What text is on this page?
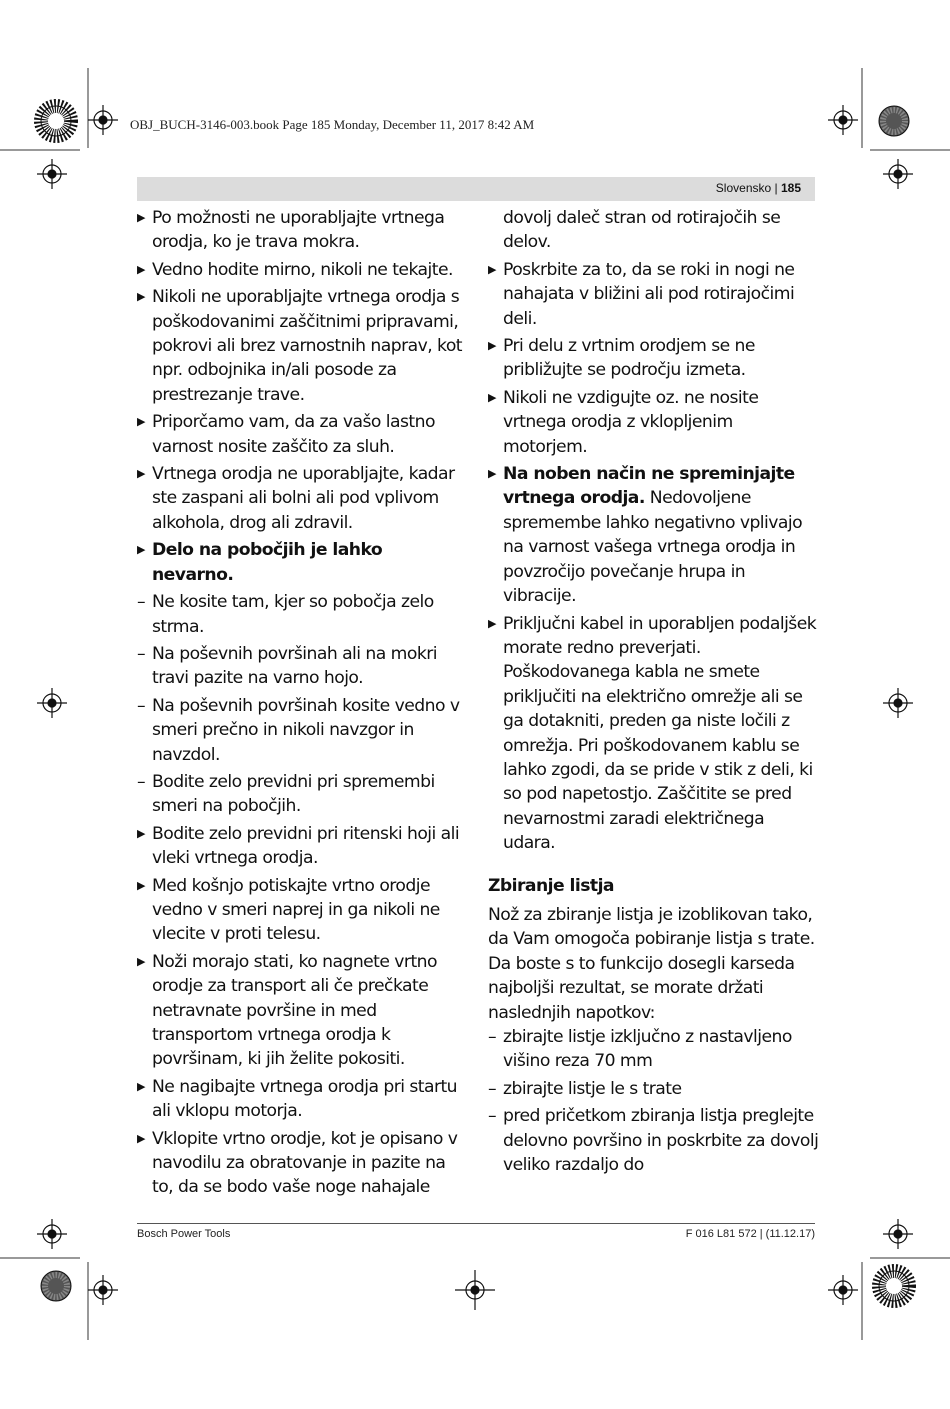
OBJ_BUCH-3146-003.book Page 185 Monday, December 11, 2017 8:42 AM
Slovensko | 185
▶ Po možnosti ne uporabljajte vrtnega orodja, ko je trava mokra.
▶ Vedno hodite mirno, nikoli ne tekajte.
▶ Nikoli ne uporabljajte vrtnega orodja s poškodovanimi zaščitnimi pripravami, pokrovi ali brez varnostnih naprav, kot npr. odbojnika in/ali posode za prestrezanje trave.
▶ Priporčamo vam, da za vašo lastno varnost nosite zaščito za sluh.
▶ Vrtnega orodja ne uporabljajte, kadar ste zaspani ali bolni ali pod vplivom alkohola, drog ali zdravil.
▶ Delo na pobočjih je lahko nevarno.
– Ne kosite tam, kjer so pobočja zelo strma.
– Na poševnih površinah ali na mokri travi pazite na varno hojo.
– Na poševnih površinah kosite vedno v smeri prečno in nikoli navzgor in navzdol.
– Bodite zelo previdni pri spremembi smeri na pobočjih.
▶ Bodite zelo previdni pri ritenski hoji ali vleki vrtnega orodja.
▶ Med košnjo potiskajte vrtno orodje vedno v smeri naprej in ga nikoli ne vlecite v proti telesu.
▶ Noži morajo stati, ko nagnete vrtno orodje za transport ali če prečkate netravnate površine in med transportom vrtnega orodja k površinam, ki jih želite pokositi.
▶ Ne nagibajte vrtnega orodja pri startu ali vklopu motorja.
▶ Vklopite vrtno orodje, kot je opisano v navodilu za obratovanje in pazite na to, da se bodo vaše noge nahajale
dovolj daleč stran od rotirajočih se delov.
▶ Poskrbite za to, da se roki in nogi ne nahajata v bližini ali pod rotirajočimi deli.
▶ Pri delu z vrtnim orodjem se ne približujte se področju izmeta.
▶ Nikoli ne vzdigujte oz. ne nosite vrtnega orodja z vklopljenim motorjem.
▶ Na noben način ne spreminjajte vrtnega orodja. Nedovoljene spremembe lahko negativno vplivajo na varnost vašega vrtnega orodja in povzročijo povečanje hrupa in vibracije.
▶ Priključni kabel in uporabljen podaljšek morate redno preverjati. Poškodovanega kabla ne smete priključiti na električno omrežje ali se ga dotakniti, preden ga niste ločili z omrežja. Pri poškodovanem kablu se lahko zgodi, da se pride v stik z deli, ki so pod napetostjo. Zaščitite se pred nevarnostmi zaradi električnega udara.
Zbiranje listja
Nož za zbiranje listja je izoblikovan tako, da Vam omogoča pobiranje listja s trate. Da boste s to funkcijo dosegli karseda najboljši rezultat, se morate držati naslednjih napotkov:
– zbirajte listje izključno z nastavljeno višino reza 70 mm
– zbirajte listje le s trate
– pred pričetkom zbiranja listja preglejte delovno površino in poskrbite za dovolj veliko razdaljo do
Bosch Power Tools	F 016 L81 572 | (11.12.17)
